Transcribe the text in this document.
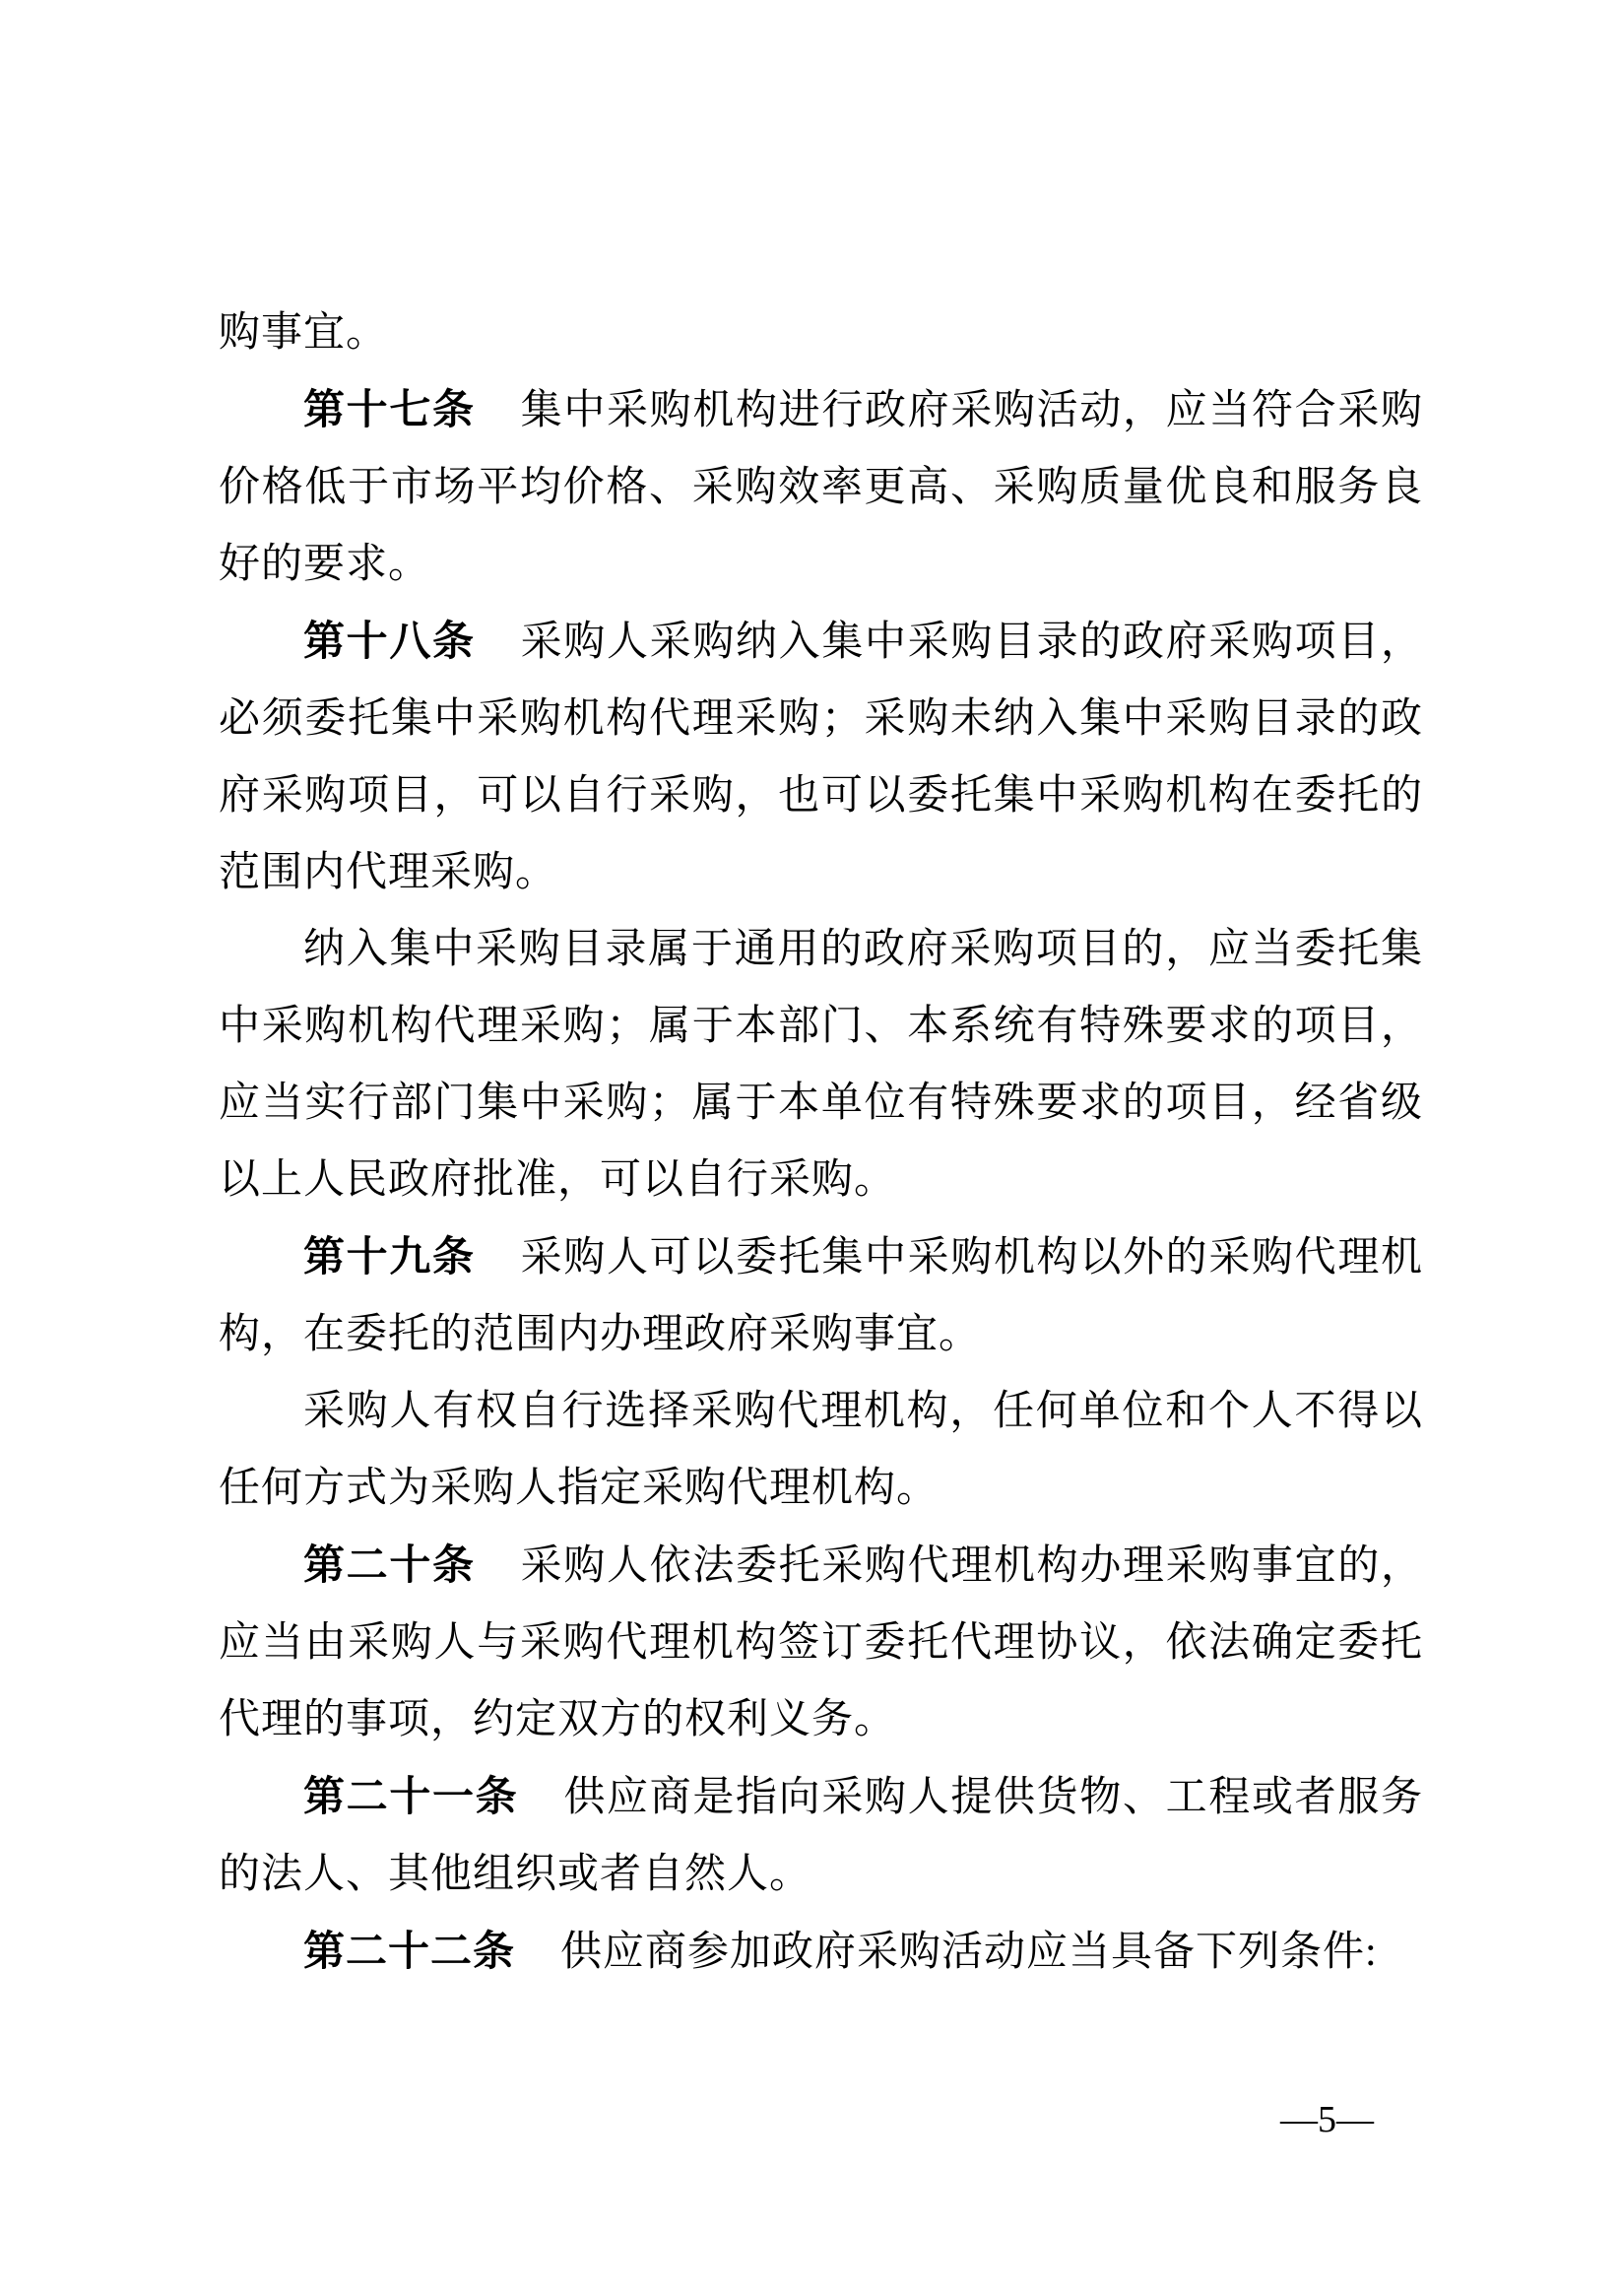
购事宜。

第十七条 集中采购机构进行政府采购活动，应当符合采购价格低于市场平均价格、采购效率更高、采购质量优良和服务良好的要求。

第十八条 采购人采购纳入集中采购目录的政府采购项目，必须委托集中采购机构代理采购；采购未纳入集中采购目录的政府采购项目，可以自行采购，也可以委托集中采购机构在委托的范围内代理采购。

纳入集中采购目录属于通用的政府采购项目的，应当委托集中采购机构代理采购；属于本部门、本系统有特殊要求的项目，应当实行部门集中采购；属于本单位有特殊要求的项目，经省级以上人民政府批准，可以自行采购。

第十九条 采购人可以委托集中采购机构以外的采购代理机构，在委托的范围内办理政府采购事宜。

采购人有权自行选择采购代理机构，任何单位和个人不得以任何方式为采购人指定采购代理机构。

第二十条 采购人依法委托采购代理机构办理采购事宜的，应当由采购人与采购代理机构签订委托代理协议，依法确定委托代理的事项，约定双方的权利义务。

第二十一条 供应商是指向采购人提供货物、工程或者服务的法人、其他组织或者自然人。

第二十二条 供应商参加政府采购活动应当具备下列条件:

—5—
